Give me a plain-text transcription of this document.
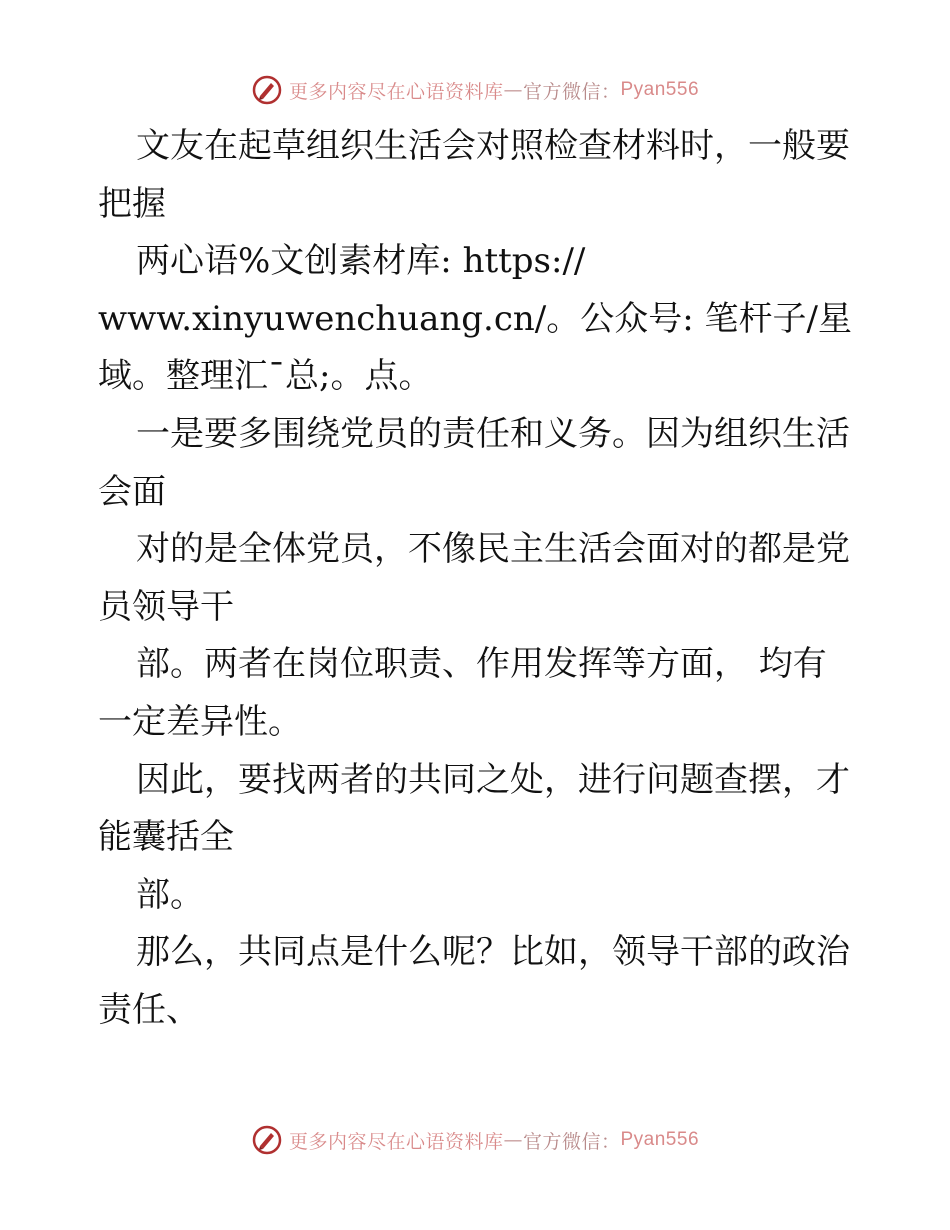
更多内容尽在心语资料库 — 官方微信： Pyan556
文友在起草组织生活会对照检查材料时，一般要
把握
两心语%文创素材库: https://
www.xinyuwenchuang.cn/。公众号: 笔杆子/星
域。整理汇¯总;。点。
一是要多围绕党员的责任和义务。因为组织生活
会面
对的是全体党员，不像民主生活会面对的都是党
员领导干
部。两者在岗位职责、作用发挥等方面， 均有
一定差异性。
因此，要找两者的共同之处，进行问题查摆，才
能囊括全
部。
那么，共同点是什么呢？比如，领导干部的政治
责任、
更多内容尽在心语资料库 — 官方微信： Pyan556
